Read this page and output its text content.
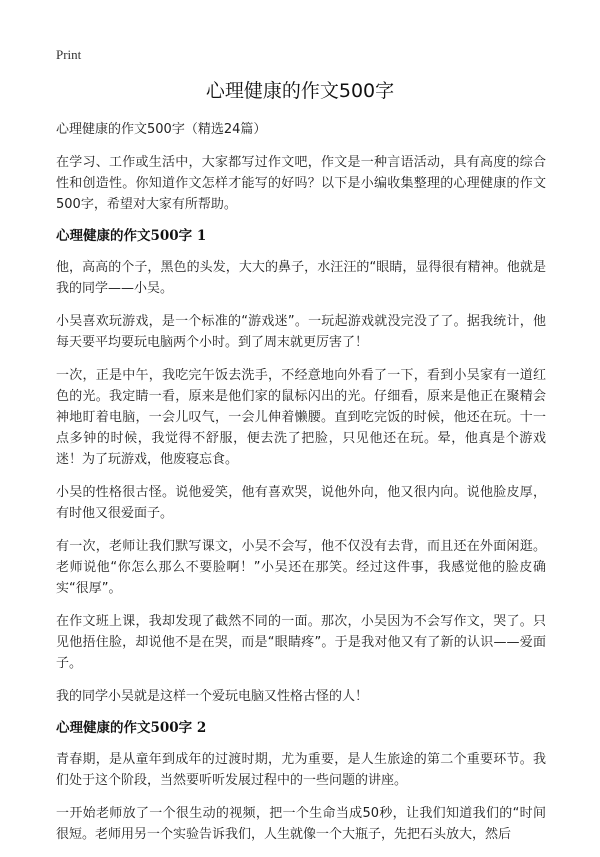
Print
心理健康的作文500字

心理健康的作文500字（精选24篇）

在学习、工作或生活中，大家都写过作文吧，作文是一种言语活动，具有高度的综合性和创造性。你知道作文怎样才能写的好吗？以下是小编收集整理的心理健康的作文500字，希望对大家有所帮助。

心理健康的作文500字 1

他，高高的个子，黑色的头发，大大的鼻子，水汪汪的“眼睛，显得很有精神。他就是我的同学——小吴。

小吴喜欢玩游戏，是一个标准的“游戏迷”。一玩起游戏就没完没了了。据我统计，他每天要平均要玩电脑两个小时。到了周末就更厉害了！

一次，正是中午，我吃完午饭去洗手，不经意地向外看了一下，看到小吴家有一道红色的光。我定睛一看，原来是他们家的鼠标闪出的光。仔细看，原来是他正在聚精会神地盯着电脑，一会儿叹气，一会儿伸着懒腰。直到吃完饭的时候，他还在玩。十一点多钟的时候，我觉得不舒服，便去洗了把脸，只见他还在玩。晕，他真是个游戏迷！为了玩游戏，他废寝忘食。

小吴的性格很古怪。说他爱笑，他有喜欢哭，说他外向，他又很内向。说他脸皮厚，有时他又很爱面子。

有一次，老师让我们默写课文，小吴不会写，他不仅没有去背，而且还在外面闲逛。老师说他“你怎么那么不要脸啊！”小吴还在那笑。经过这件事，我感觉他的脸皮确实“很厚”。

在作文班上课，我却发现了截然不同的一面。那次，小吴因为不会写作文，哭了。只见他捂住脸，却说他不是在哭，而是“眼睛疼”。于是我对他又有了新的认识——爱面子。

我的同学小吴就是这样一个爱玩电脑又性格古怪的人！

心理健康的作文500字 2

青春期，是从童年到成年的过渡时期，尤为重要，是人生旅途的第二个重要环节。我们处于这个阶段，当然要听听发展过程中的一些问题的讲座。

一开始老师放了一个很生动的视频，把一个生命当成50秒，让我们知道我们的“时间很短。老师用另一个实验告诉我们，人生就像一个大瓶子，先把石头放大，然后
